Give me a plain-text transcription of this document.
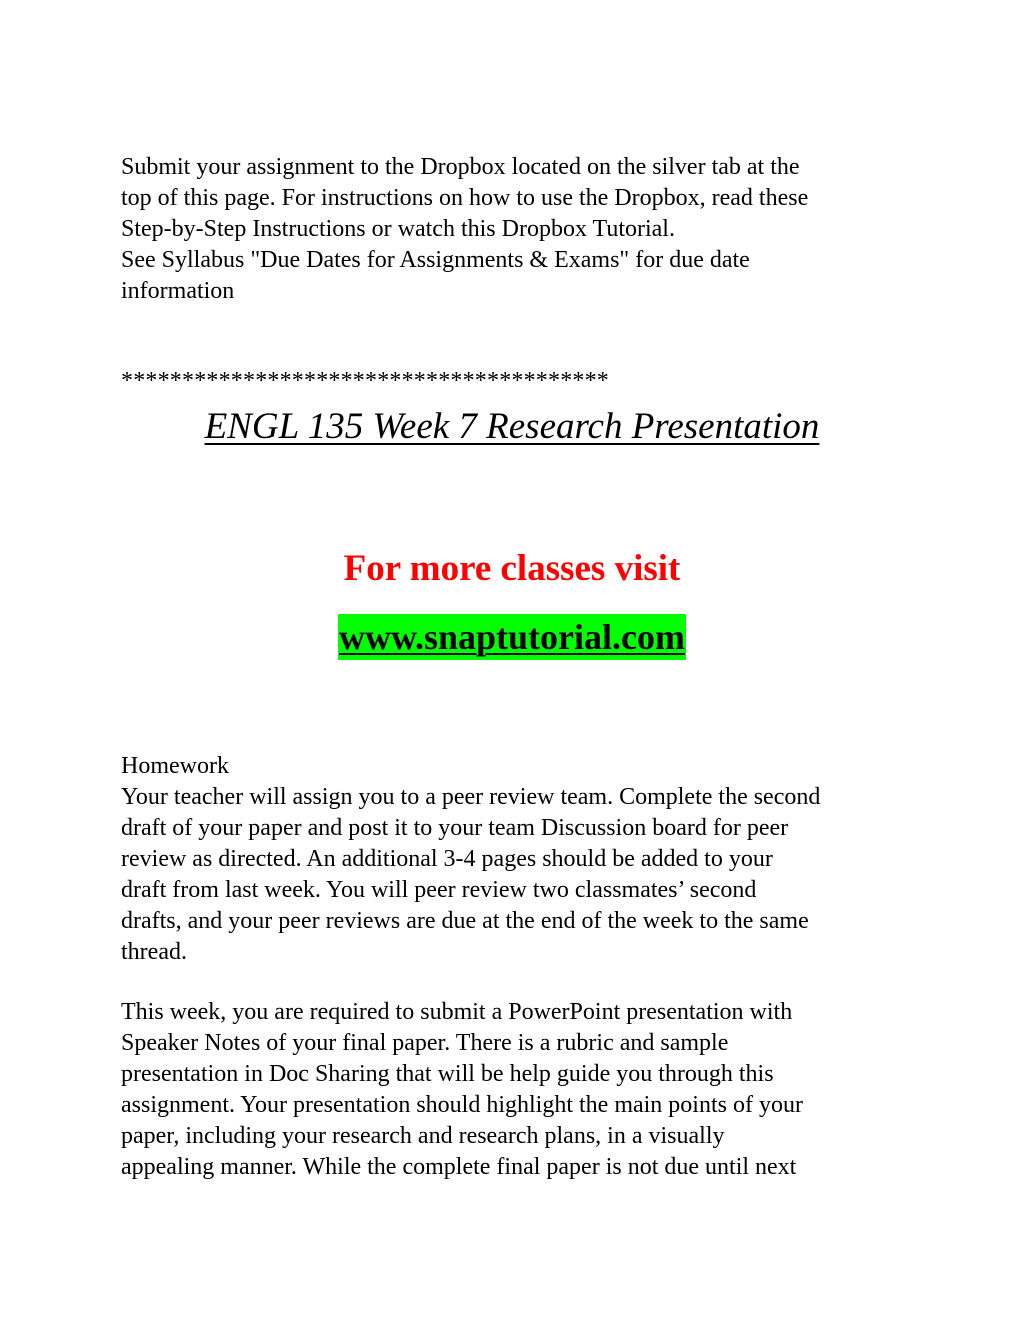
Submit your assignment to the Dropbox located on the silver tab at the
top of this page. For instructions on how to use the Dropbox, read these
Step-by-Step Instructions or watch this Dropbox Tutorial.
See Syllabus "Due Dates for Assignments & Exams" for due date
information

****************************************
ENGL 135 Week 7 Research Presentation
For more classes visit
www.snaptutorial.com

Homework
Your teacher will assign you to a peer review team. Complete the second
draft of your paper and post it to your team Discussion board for peer
review as directed. An additional 3-4 pages should be added to your
draft from last week. You will peer review two classmates’ second
drafts, and your peer reviews are due at the end of the week to the same
thread.

This week, you are required to submit a PowerPoint presentation with
Speaker Notes of your final paper. There is a rubric and sample
presentation in Doc Sharing that will be help guide you through this
assignment. Your presentation should highlight the main points of your
paper, including your research and research plans, in a visually
appealing manner. While the complete final paper is not due until next
